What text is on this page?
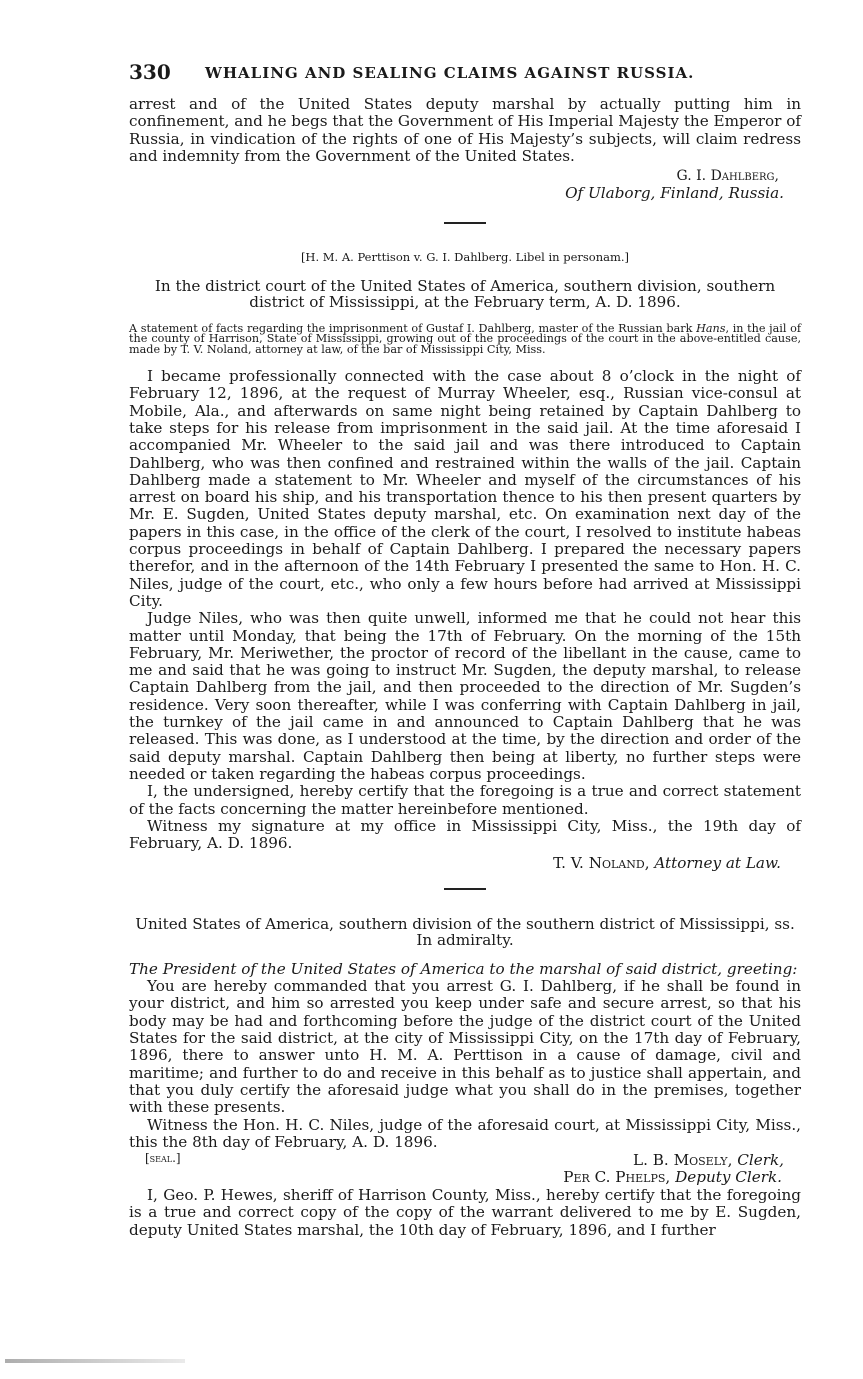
330 WHALING AND SEALING CLAIMS AGAINST RUSSIA.

arrest and of the United States deputy marshal by actually putting him in confinement, and he begs that the Government of His Imperial Majesty the Emperor of Russia, in vindication of the rights of one of His Majesty’s subjects, will claim redress and indemnity from the Government of the United States.

G. I. Dahlberg,

Of Ulaborg, Finland, Russia.

[H. M. A. Perttison v. G. I. Dahlberg. Libel in personam.]

In the district court of the United States of America, southern division, southern district of Mississippi, at the February term, A. D. 1896.

A statement of facts regarding the imprisonment of Gustaf I. Dahlberg, master of the Russian bark Hans, in the jail of the county of Harrison, State of Mississippi, growing out of the proceedings of the court in the above-entitled cause, made by T. V. Noland, attorney at law, of the bar of Mississippi City, Miss.

I became professionally connected with the case about 8 o’clock in the night of February 12, 1896, at the request of Murray Wheeler, esq., Russian vice-consul at Mobile, Ala., and afterwards on same night being retained by Captain Dahlberg to take steps for his release from imprisonment in the said jail. At the time aforesaid I accompanied Mr. Wheeler to the said jail and was there introduced to Captain Dahlberg, who was then confined and restrained within the walls of the jail. Captain Dahlberg made a statement to Mr. Wheeler and myself of the circumstances of his arrest on board his ship, and his transportation thence to his then present quarters by Mr. E. Sugden, United States deputy marshal, etc. On examination next day of the papers in this case, in the office of the clerk of the court, I resolved to institute habeas corpus proceedings in behalf of Captain Dahlberg. I prepared the necessary papers therefor, and in the afternoon of the 14th February I presented the same to Hon. H. C. Niles, judge of the court, etc., who only a few hours before had arrived at Mississippi City.

Judge Niles, who was then quite unwell, informed me that he could not hear this matter until Monday, that being the 17th of February. On the morning of the 15th February, Mr. Meriwether, the proctor of record of the libellant in the cause, came to me and said that he was going to instruct Mr. Sugden, the deputy marshal, to release Captain Dahlberg from the jail, and then proceeded to the direction of Mr. Sugden’s residence. Very soon thereafter, while I was conferring with Captain Dahlberg in jail, the turnkey of the jail came in and announced to Captain Dahlberg that he was released. This was done, as I understood at the time, by the direction and order of the said deputy marshal. Captain Dahlberg then being at liberty, no further steps were needed or taken regarding the habeas corpus proceedings.

I, the undersigned, hereby certify that the foregoing is a true and correct statement of the facts concerning the matter hereinbefore mentioned.

Witness my signature at my office in Mississippi City, Miss., the 19th day of February, A. D. 1896.

T. V. Noland, Attorney at Law.

United States of America, southern division of the southern district of Mississippi, ss.

In admiralty.

The President of the United States of America to the marshal of said district, greeting:

You are hereby commanded that you arrest G. I. Dahlberg, if he shall be found in your district, and him so arrested you keep under safe and secure arrest, so that his body may be had and forthcoming before the judge of the district court of the United States for the said district, at the city of Mississippi City, on the 17th day of February, 1896, there to answer unto H. M. A. Perttison in a cause of damage, civil and maritime; and further to do and receive in this behalf as to justice shall appertain, and that you duly certify the aforesaid judge what you shall do in the premises, together with these presents.

Witness the Hon. H. C. Niles, judge of the aforesaid court, at Mississippi City, Miss., this the 8th day of February, A. D. 1896.

[seal.]	L. B. Mosely, Clerk,

Per C. Phelps, Deputy Clerk.

I, Geo. P. Hewes, sheriff of Harrison County, Miss., hereby certify that the foregoing is a true and correct copy of the copy of the warrant delivered to me by E. Sugden, deputy United States marshal, the 10th day of February, 1896, and I further
